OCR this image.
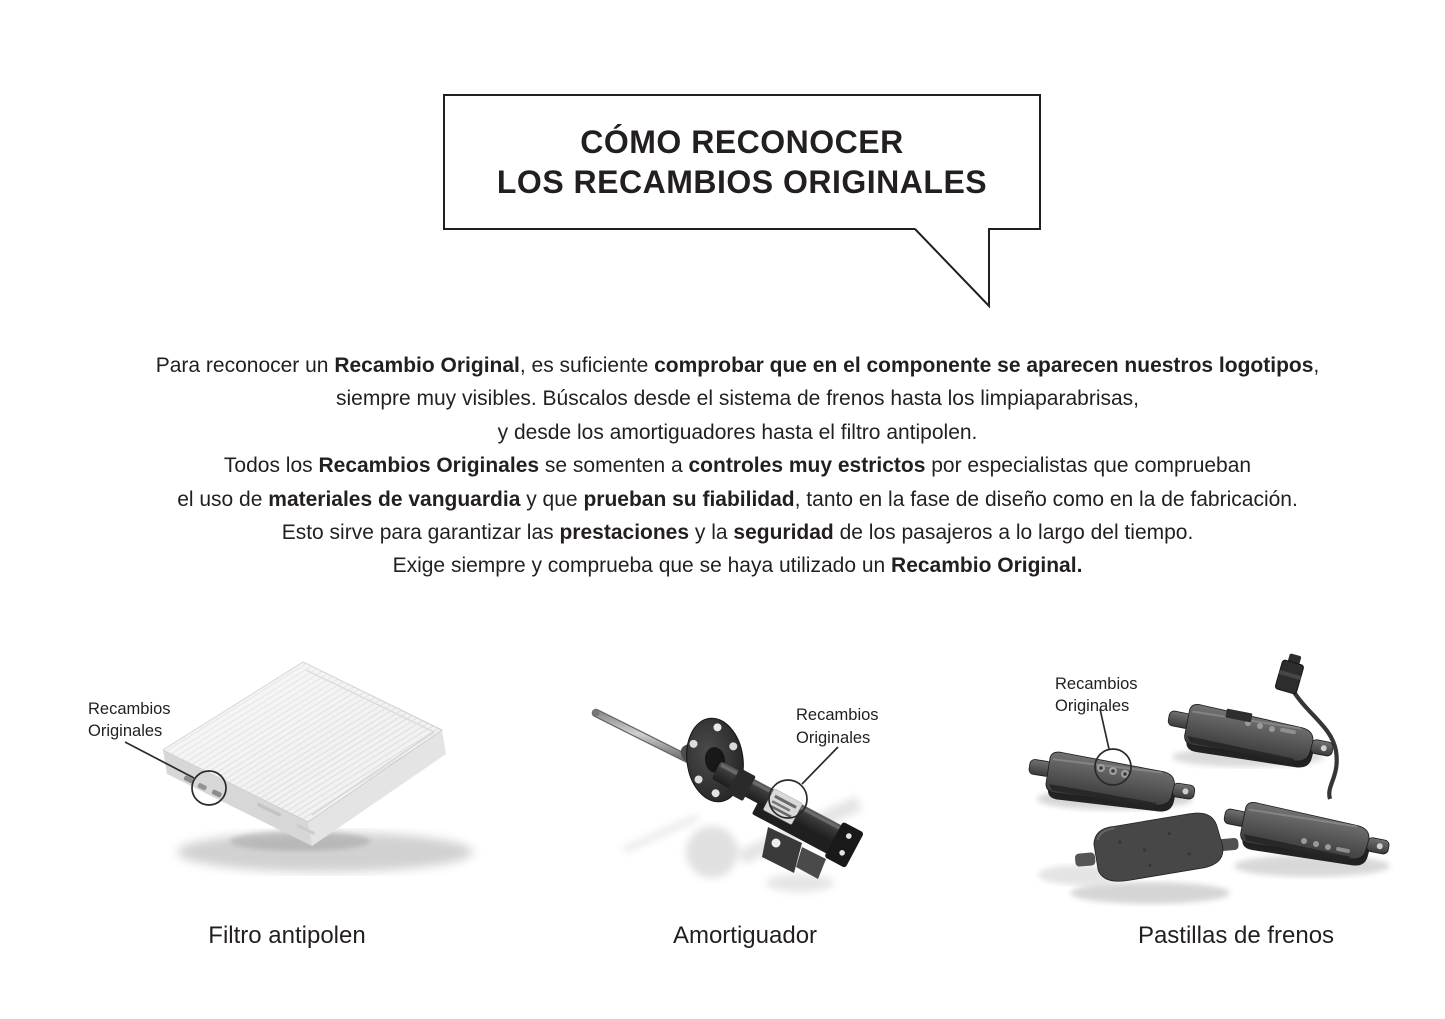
CÓMO RECONOCER
LOS RECAMBIOS ORIGINALES
Para reconocer un Recambio Original, es suficiente comprobar que en el componente se aparecen nuestros logotipos,
siempre muy visibles. Búscalos desde el sistema de frenos hasta los limpiaparabrisas,
y desde los amortiguadores hasta el filtro antipolen.
Todos los Recambios Originales se somenten a controles muy estrictos por especialistas que comprueban
el uso de materiales de vanguardia y que prueban su fiabilidad, tanto en la fase de diseño como en la de fabricación.
Esto sirve para garantizar las prestaciones y la seguridad de los pasajeros a lo largo del tiempo.
Exige siempre y comprueba que se haya utilizado un Recambio Original.
Recambios
Originales
Recambios
Originales
Recambios
Originales
Filtro antipolen	Amortiguador	Pastillas de frenos
